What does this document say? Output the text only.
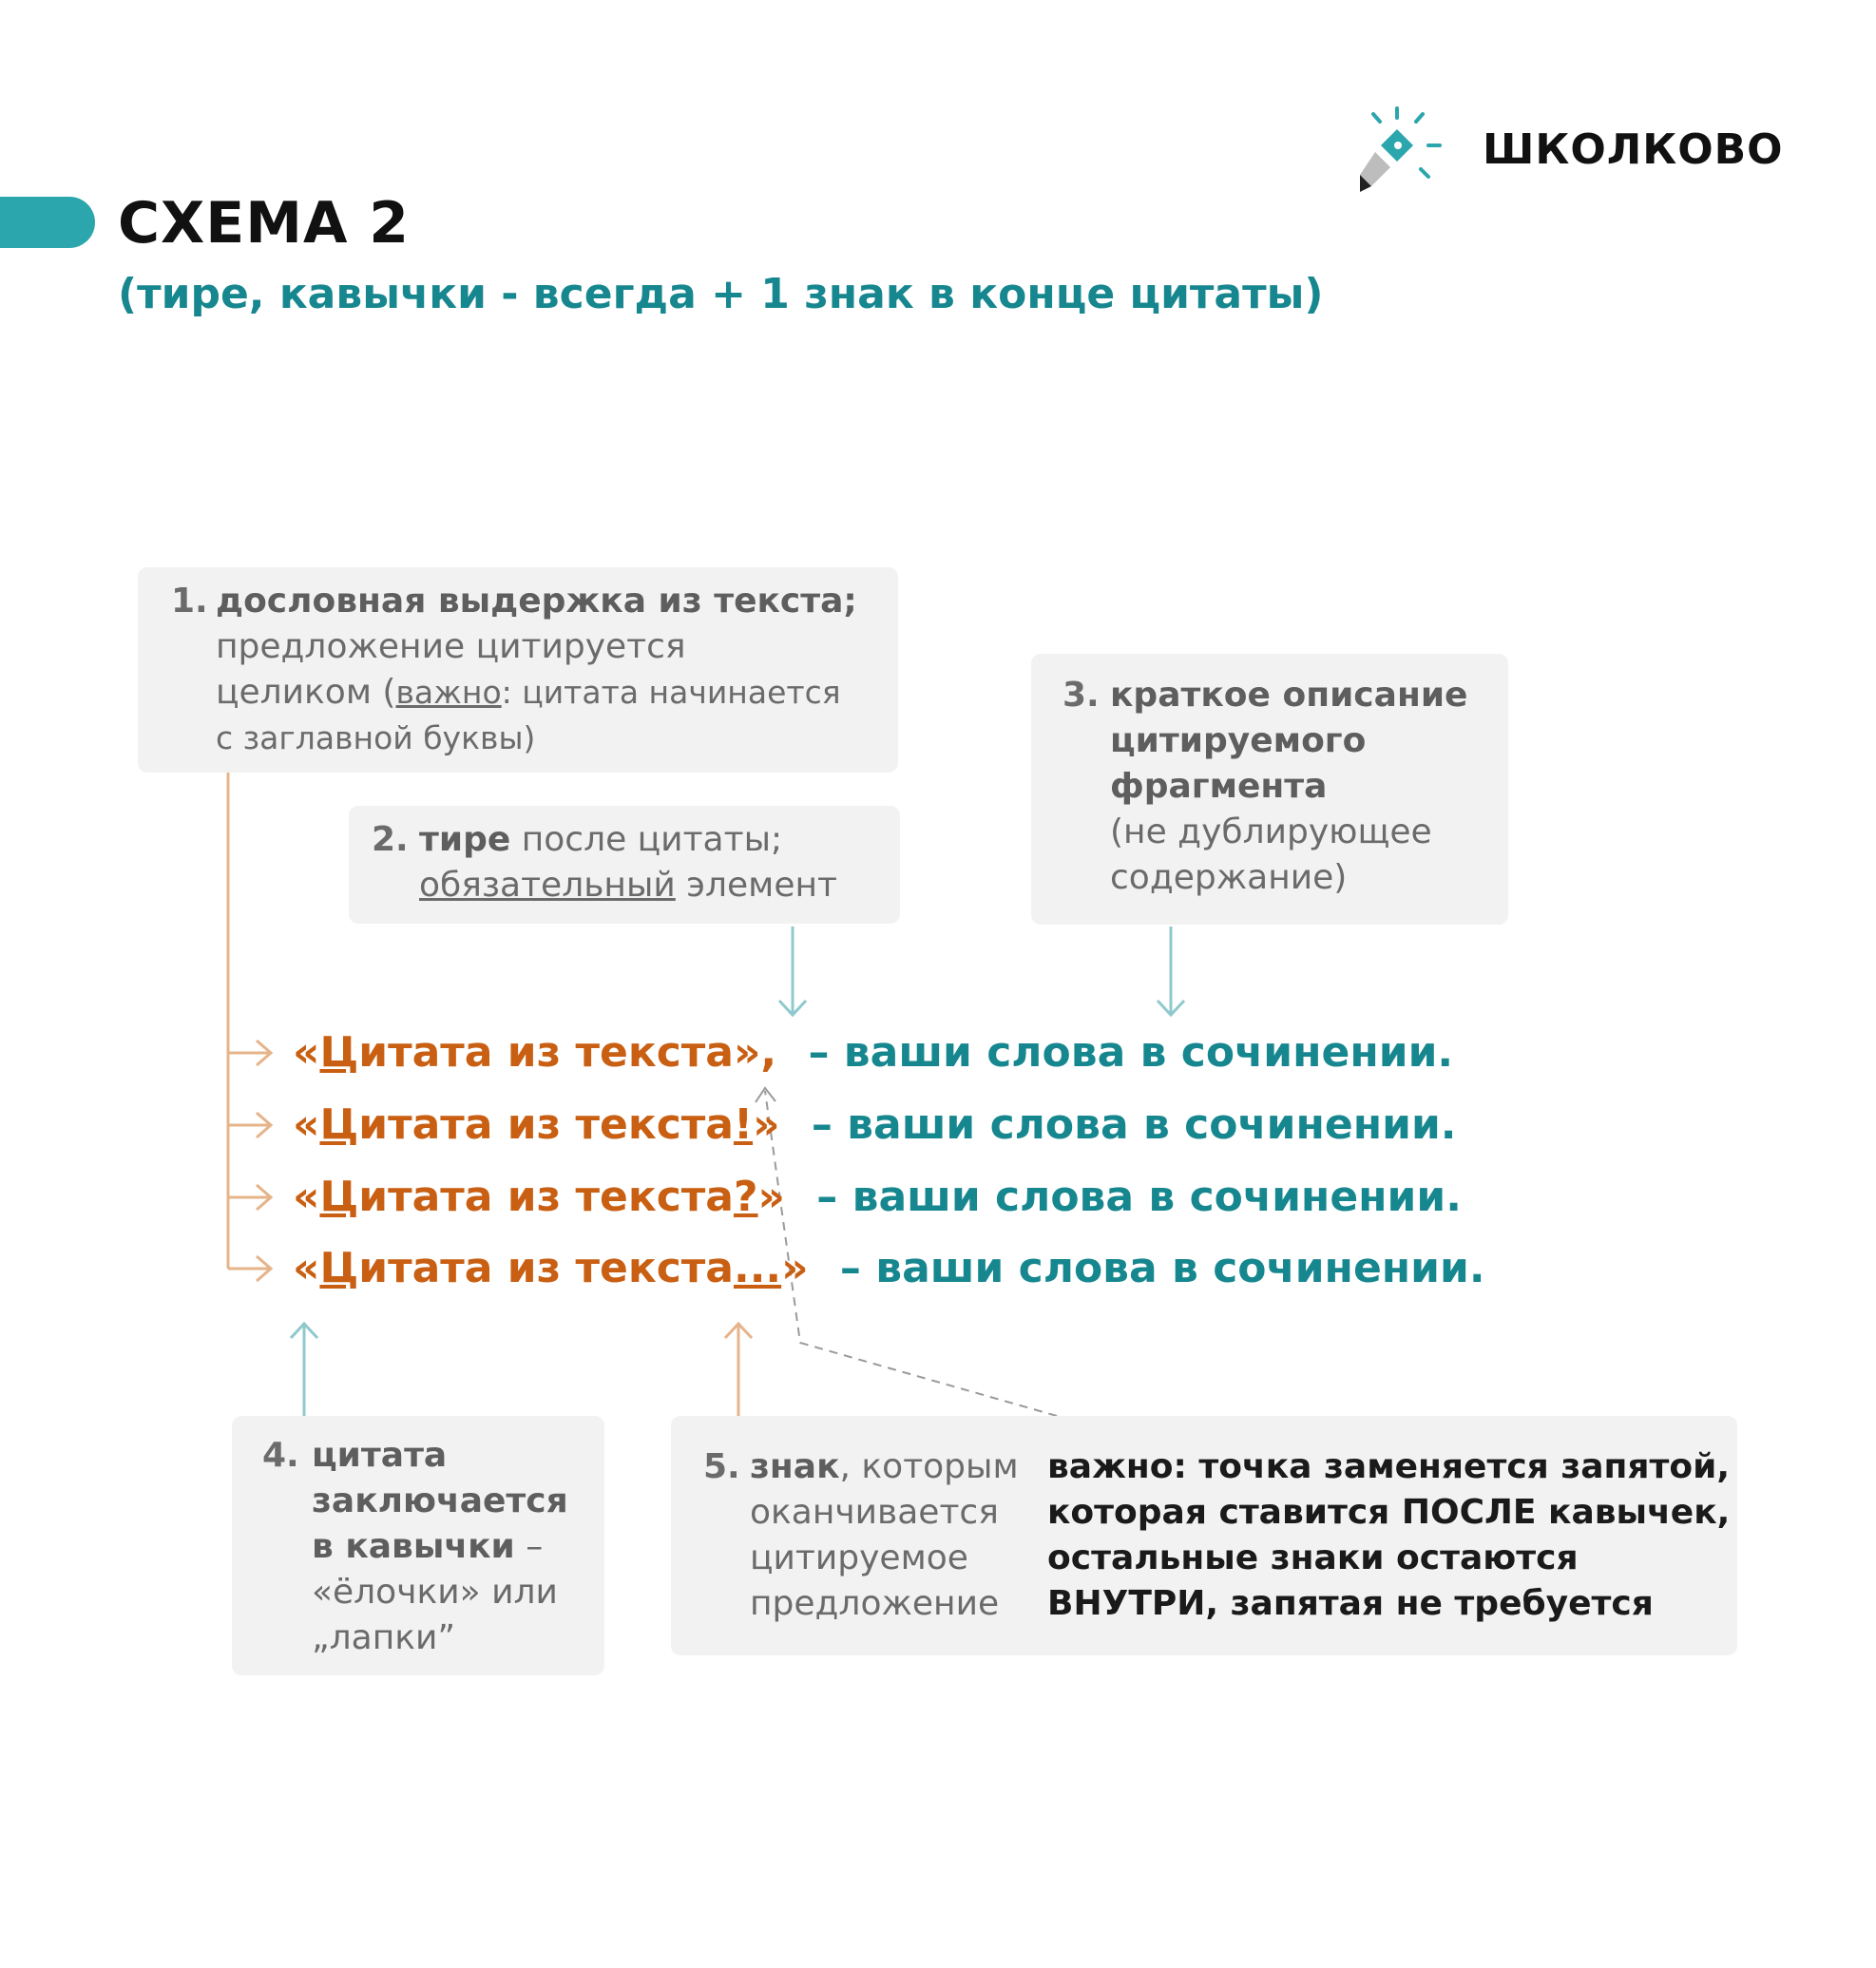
СХЕМА 2
(тире, кавычки - всегда + 1 знак в конце цитаты)
ШКОЛКОВО
1. дословная выдержка из текста;
предложение цитируется
целиком (важно: цитата начинается
с заглавной буквы)
2. тире после цитаты;
обязательный элемент
3. краткое описание
цитируемого
фрагмента
(не дублирующее
содержание)
«Цитата из текста», – ваши слова в сочинении.
«Цитата из текста!» – ваши слова в сочинении.
«Цитата из текста?» – ваши слова в сочинении.
«Цитата из текста...» – ваши слова в сочинении.
4. цитата
заключается
в кавычки –
«ёлочки» или
„лапки”
5. знак, которым
оканчивается
цитируемое
предложение
важно: точка заменяется запятой,
которая ставится ПОСЛЕ кавычек,
остальные знаки остаются
ВНУТРИ, запятая не требуется
